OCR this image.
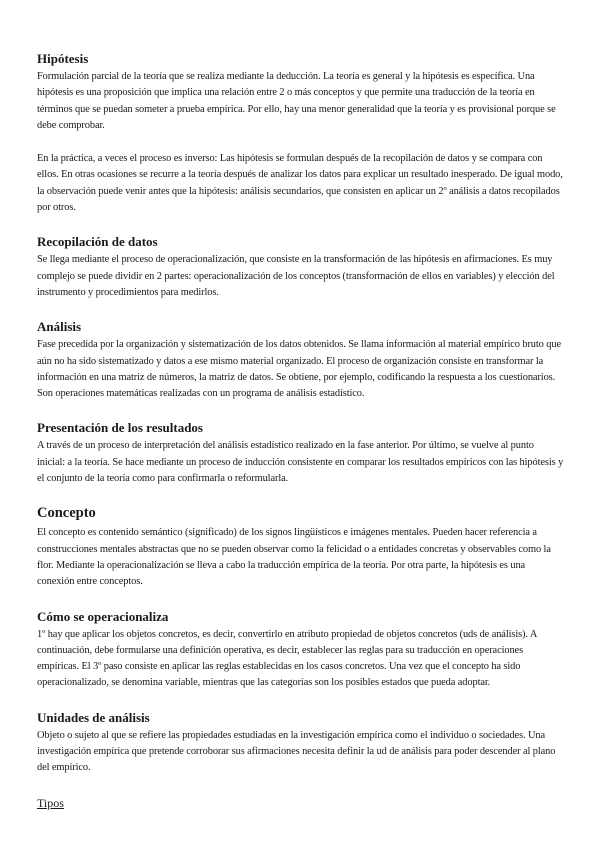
Hipótesis

Formulación parcial de la teoría que se realiza mediante la deducción. La teoría es general y la hipótesis es específica. Una hipótesis es una proposición que implica una relación entre 2 o más conceptos y que permite una traducción de la teoría en términos que se puedan someter a prueba empírica. Por ello, hay una menor generalidad que la teoría y es provisional porque se debe comprobar.

En la práctica, a veces el proceso es inverso: Las hipótesis se formulan después de la recopilación de datos y se compara con ellos. En otras ocasiones se recurre a la teoría después de analizar los datos para explicar un resultado inesperado. De igual modo, la observación puede venir antes que la hipótesis: análisis secundarios, que consisten en aplicar un 2º análisis a datos recopilados por otros.

Recopilación de datos

Se llega mediante el proceso de operacionalización, que consiste en la transformación de las hipótesis en afirmaciones. Es muy complejo se puede dividir en 2 partes: operacionalización de los conceptos (transformación de ellos en variables) y elección del instrumento y procedimientos para medirlos.

Análisis

Fase precedida por la organización y sistematización de los datos obtenidos. Se llama información al material empírico bruto que aún no ha sido sistematizado y datos a ese mismo material organizado. El proceso de organización consiste en transformar la información en una matriz de números, la matriz de datos. Se obtiene, por ejemplo, codificando la respuesta a los cuestionarios. Son operaciones matemáticas realizadas con un programa de análisis estadístico.

Presentación de los resultados

A través de un proceso de interpretación del análisis estadístico realizado en la fase anterior. Por último, se vuelve al punto inicial: a la teoría. Se hace mediante un proceso de inducción consistente en comparar los resultados empíricos con las hipótesis y el conjunto de la teoría como para confirmarla o reformularla.

Concepto

El concepto es contenido semántico (significado) de los signos lingüísticos e imágenes mentales. Pueden hacer referencia a construcciones mentales abstractas que no se pueden observar como la felicidad o a entidades concretas y observables como la flor. Mediante la operacionalización se lleva a cabo la traducción empírica de la teoría. Por otra parte, la hipótesis es una conexión entre conceptos.

Cómo se operacionaliza

1º hay que aplicar los objetos concretos, es decir, convertirlo en atributo propiedad de objetos concretos (uds de análisis). A continuación, debe formularse una definición operativa, es decir, establecer las reglas para su traducción en operaciones empíricas. El 3º paso consiste en aplicar las reglas establecidas en los casos concretos. Una vez que el concepto ha sido operacionalizado, se denomina variable, mientras que las categorías son los posibles estados que pueda adoptar.

Unidades de análisis

Objeto o sujeto al que se refiere las propiedades estudiadas en la investigación empírica como el individuo o sociedades. Una investigación empírica que pretende corroborar sus afirmaciones necesita definir la ud de análisis para poder descender al plano del empírico.

Tipos
